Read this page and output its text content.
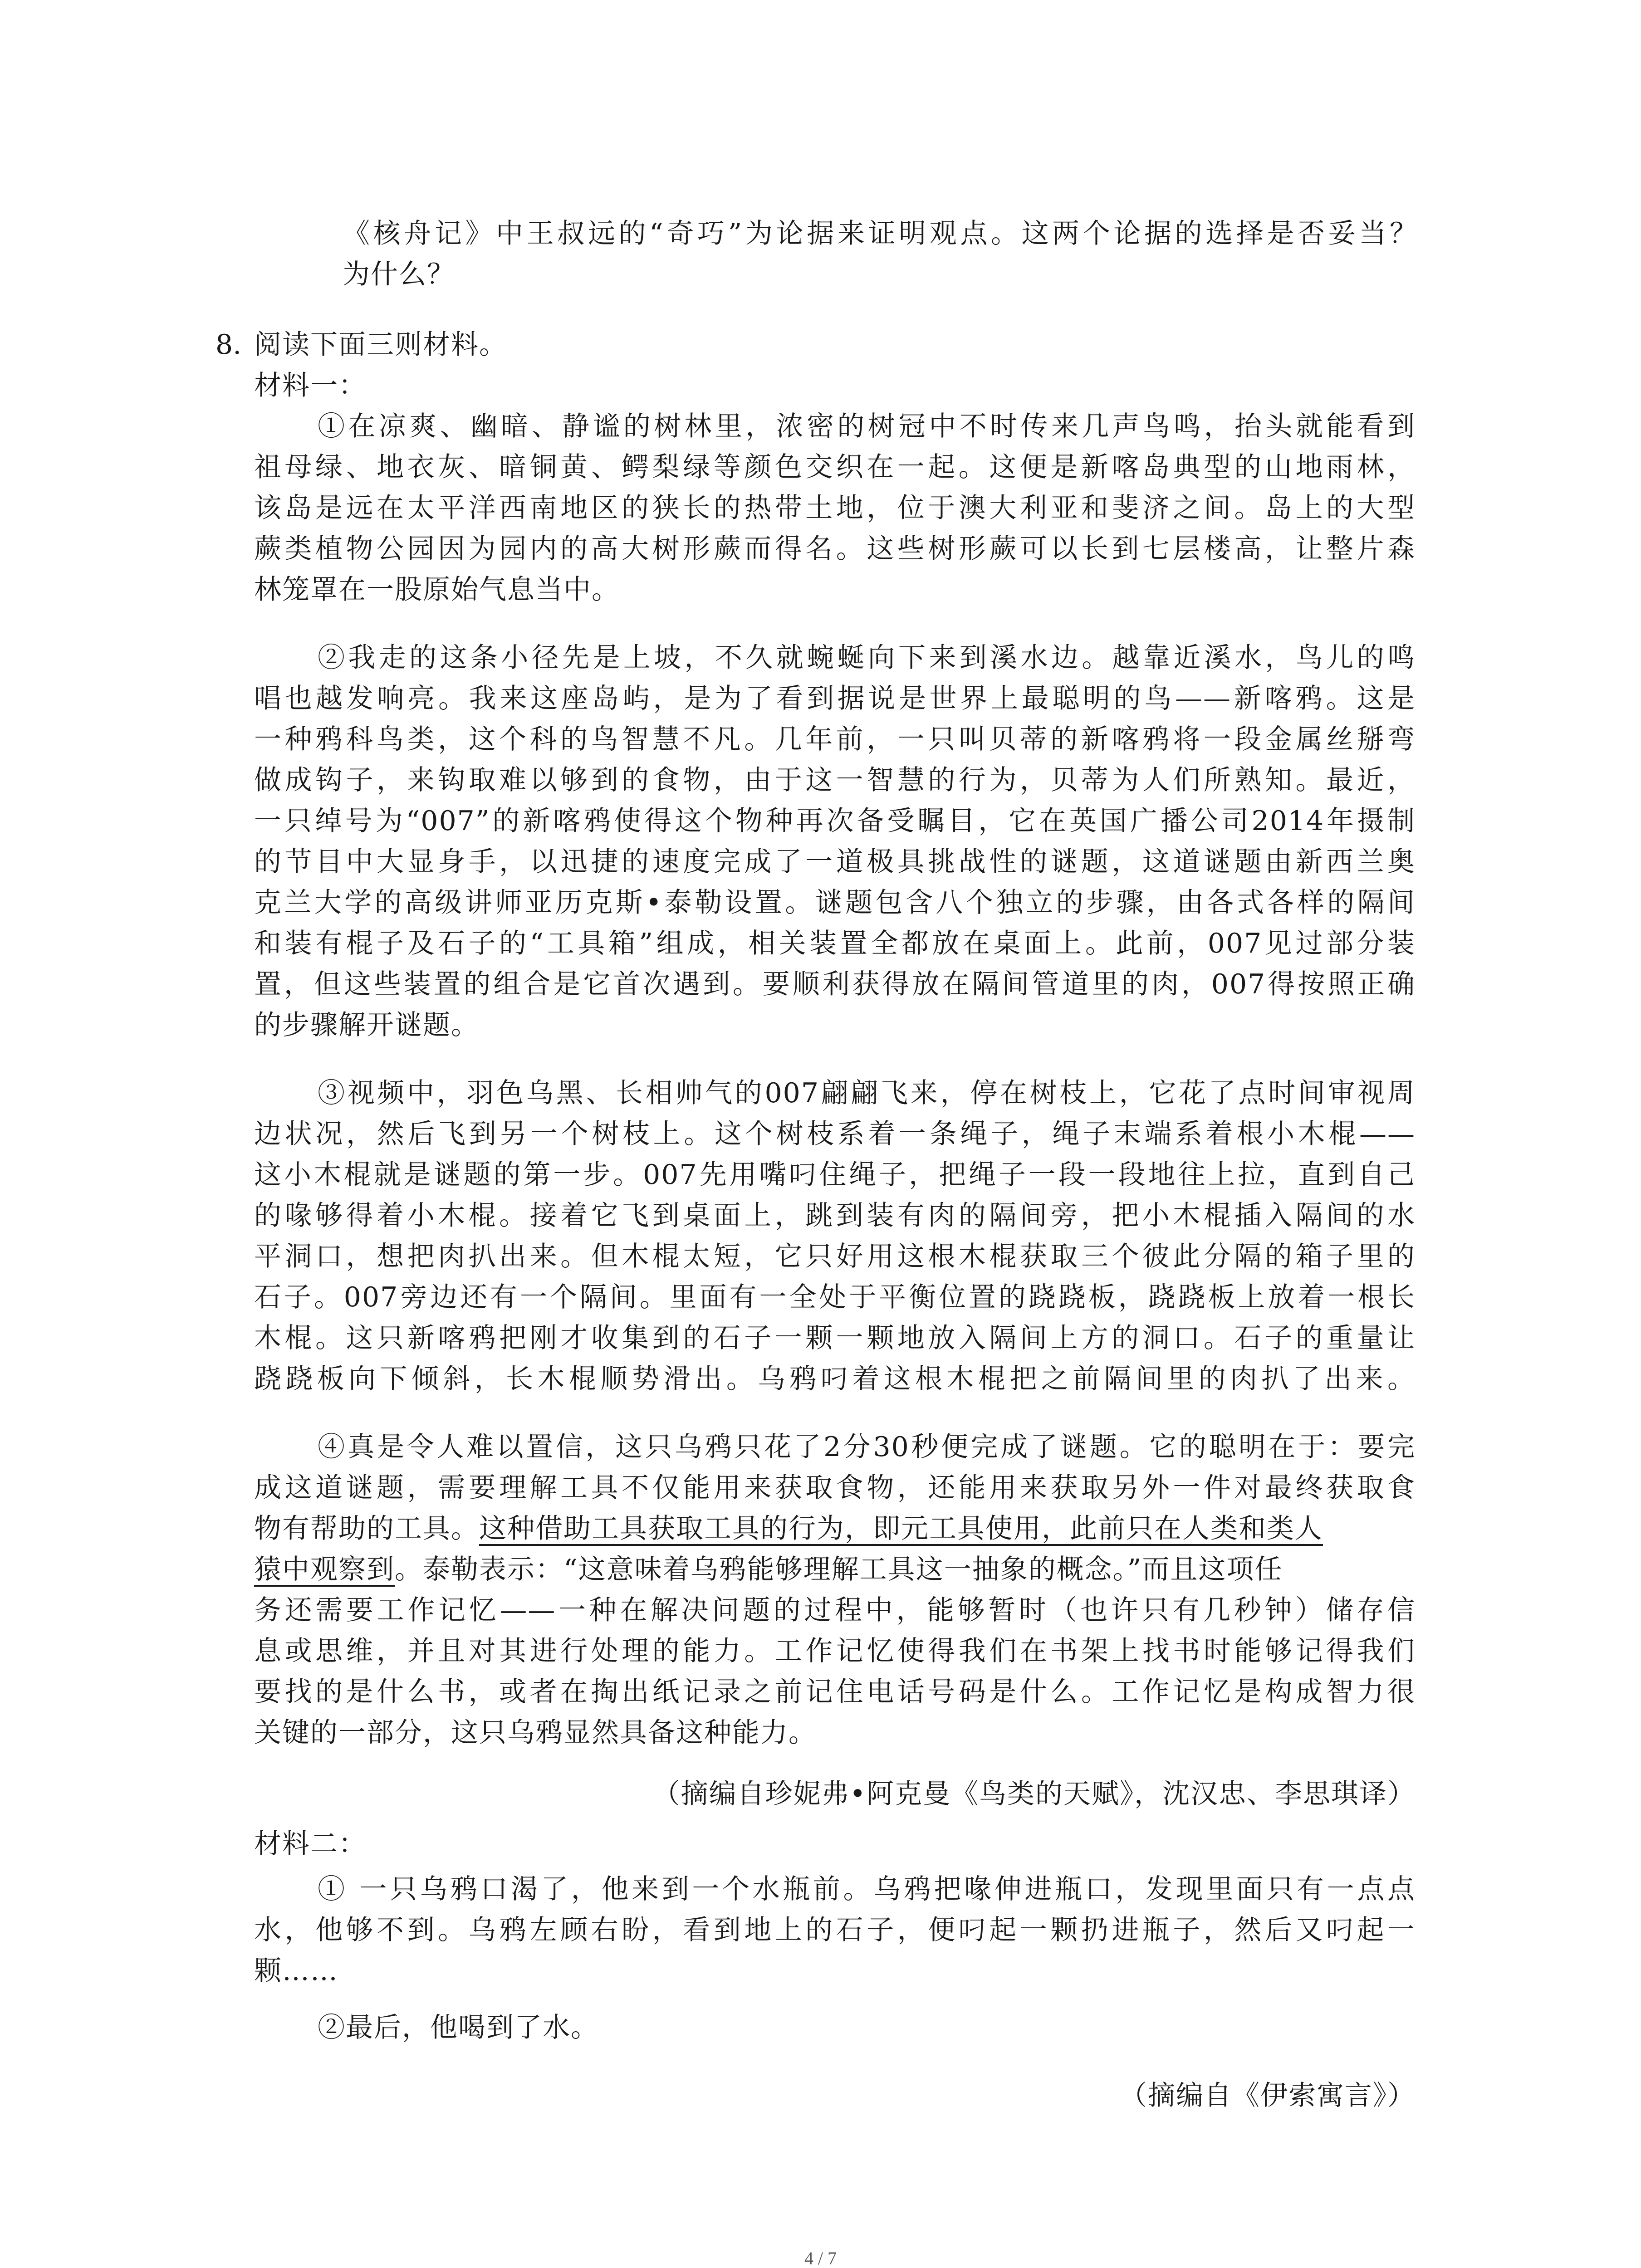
《核舟记》中王叔远的“奇巧”为论据来证明观点。这两个论据的选择是否妥当？
为什么？
8. 阅读下面三则材料。
材料一：
①在凉爽、幽暗、静谧的树林里，浓密的树冠中不时传来几声鸟鸣，抬头就能看到
祖母绿、地衣灰、暗铜黄、鳄梨绿等颜色交织在一起。这便是新喀岛典型的山地雨林，
该岛是远在太平洋西南地区的狭长的热带土地，位于澳大利亚和斐济之间。岛上的大型
蕨类植物公园因为园内的高大树形蕨而得名。这些树形蕨可以长到七层楼高，让整片森
林笼罩在一股原始气息当中。
②我走的这条小径先是上坡，不久就蜿蜒向下来到溪水边。越靠近溪水，鸟儿的鸣
唱也越发响亮。我来这座岛屿，是为了看到据说是世界上最聪明的鸟——新喀鸦。这是
一种鸦科鸟类，这个科的鸟智慧不凡。几年前，一只叫贝蒂的新喀鸦将一段金属丝掰弯
做成钩子，来钩取难以够到的食物，由于这一智慧的行为，贝蒂为人们所熟知。最近，
一只绰号为“007”的新喀鸦使得这个物种再次备受瞩目，它在英国广播公司2014年摄制
的节目中大显身手，以迅捷的速度完成了一道极具挑战性的谜题，这道谜题由新西兰奥
克兰大学的高级讲师亚历克斯•泰勒设置。谜题包含八个独立的步骤，由各式各样的隔间
和装有棍子及石子的“工具箱”组成，相关装置全都放在桌面上。此前，007见过部分装
置，但这些装置的组合是它首次遇到。要顺利获得放在隔间管道里的肉，007得按照正确
的步骤解开谜题。
③视频中，羽色乌黑、长相帅气的007翩翩飞来，停在树枝上，它花了点时间审视周
边状况，然后飞到另一个树枝上。这个树枝系着一条绳子，绳子末端系着根小木棍——
这小木棍就是谜题的第一步。007先用嘴叼住绳子，把绳子一段一段地往上拉，直到自己
的喙够得着小木棍。接着它飞到桌面上，跳到装有肉的隔间旁，把小木棍插入隔间的水
平洞口，想把肉扒出来。但木棍太短，它只好用这根木棍获取三个彼此分隔的箱子里的
石子。007旁边还有一个隔间。里面有一全处于平衡位置的跷跷板，跷跷板上放着一根长
木棍。这只新喀鸦把刚才收集到的石子一颗一颗地放入隔间上方的洞口。石子的重量让
跷跷板向下倾斜，长木棍顺势滑出。乌鸦叼着这根木棍把之前隔间里的肉扒了出来。
④真是令人难以置信，这只乌鸦只花了2分30秒便完成了谜题。它的聪明在于：要完
成这道谜题，需要理解工具不仅能用来获取食物，还能用来获取另外一件对最终获取食
物有帮助的工具。这种借助工具获取工具的行为，即元工具使用，此前只在人类和类人
猿中观察到。泰勒表示：“这意味着乌鸦能够理解工具这一抽象的概念。”而且这项任
务还需要工作记忆——一种在解决问题的过程中，能够暂时（也许只有几秒钟）储存信
息或思维，并且对其进行处理的能力。工作记忆使得我们在书架上找书时能够记得我们
要找的是什么书，或者在掏出纸记录之前记住电话号码是什么。工作记忆是构成智力很
关键的一部分，这只乌鸦显然具备这种能力。
（摘编自珍妮弗•阿克曼《鸟类的天赋》，沈汉忠、李思琪译）
材料二：
① 一只乌鸦口渴了，他来到一个水瓶前。乌鸦把喙伸进瓶口，发现里面只有一点点
水，他够不到。乌鸦左顾右盼，看到地上的石子，便叼起一颗扔进瓶子，然后又叼起一
颗……
②最后，他喝到了水。
（摘编自《伊索寓言》）
4 / 7
